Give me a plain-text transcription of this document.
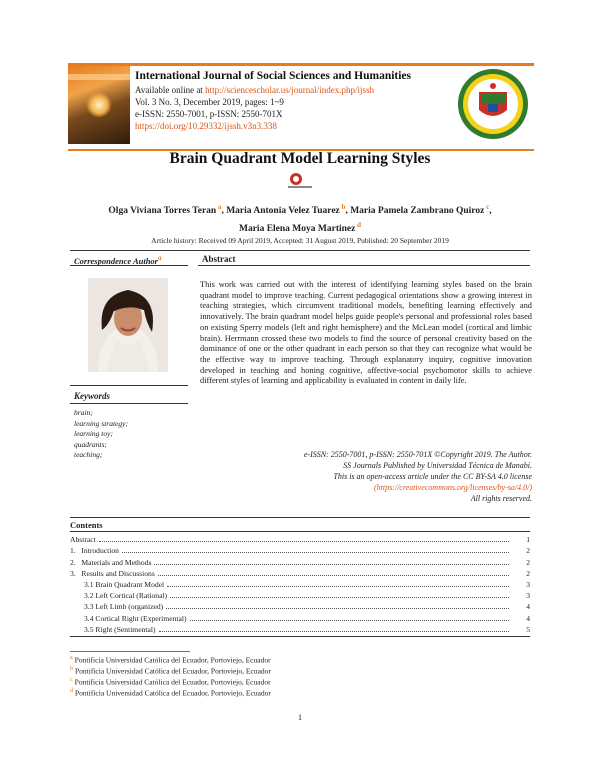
International Journal of Social Sciences and Humanities
Available online at http://sciencescholar.us/journal/index.php/ijssh
Vol. 3 No. 3, December 2019, pages: 1~9
e-ISSN: 2550-7001, p-ISSN: 2550-701X
https://doi.org/10.29332/ijssh.v3n3.338
Brain Quadrant Model Learning Styles
Olga Viviana Torres Teran $^a$, Maria Antonia Velez Tuarez $^b$, Maria Pamela Zambrano Quiroz $^c$,
Maria Elena Moya Martinez $^d$
Article history: Received 09 April 2019, Accepted: 31 August 2019, Published: 20 September 2019
Correspondence Author$^a$	Abstract
Keywords
brain;
learning strategy;
learning toy;
quadrants;
teaching;
This work was carried out with the interest of identifying learning styles based on the brain quadrant model to improve teaching. Current pedagogical orientations show a growing interest in teaching strategies, which circumvent traditional models, benefiting learning effectively and innovatively. The brain quadrant model helps guide people's personal and professional roles based on existing Sperry models (left and right hemisphere) and the McLean model (cortical and limbic brain). Herrmann crossed these two models to find the source of personal creativity based on the dominance of one or the other quadrant in each person so that they can recognize what would be the effective way to improve teaching. Through explanatory inquiry, cognitive innovation developed in teaching and honing cognitive, affective-social psychomotor skills to achieve different styles of learning and applicability is evaluated in content in daily life.
e-ISSN: 2550-7001, p-ISSN: 2550-701X ©Copyright 2019. The Author.
SS Journals Published by Universidad Técnica de Manabí.
This is an open-access article under the CC BY-SA 4.0 license
(https://creativecommons.org/licenses/by-sa/4.0/)
All rights reserved.
Contents
Abstract	1
1.   Introduction	2
2.   Materials and Methods	2
3.   Results and Discussions	2
3.1 Brain Quadrant Model	3
3.2 Left Cortical (Rational)	3
3.3 Left Limb (organized)	4
3.4 Cortical Right (Experimental)	4
3.5 Right (Sentimental)	5
$^a$ Pontificia Universidad Católica del Ecuador, Portoviejo, Ecuador
$^b$ Pontificia Universidad Católica del Ecuador, Portoviejo, Ecuador
$^c$ Pontificia Universidad Católica del Ecuador, Portoviejo, Ecuador
$^d$ Pontificia Universidad Católica del Ecuador, Portoviejo, Ecuador
1
